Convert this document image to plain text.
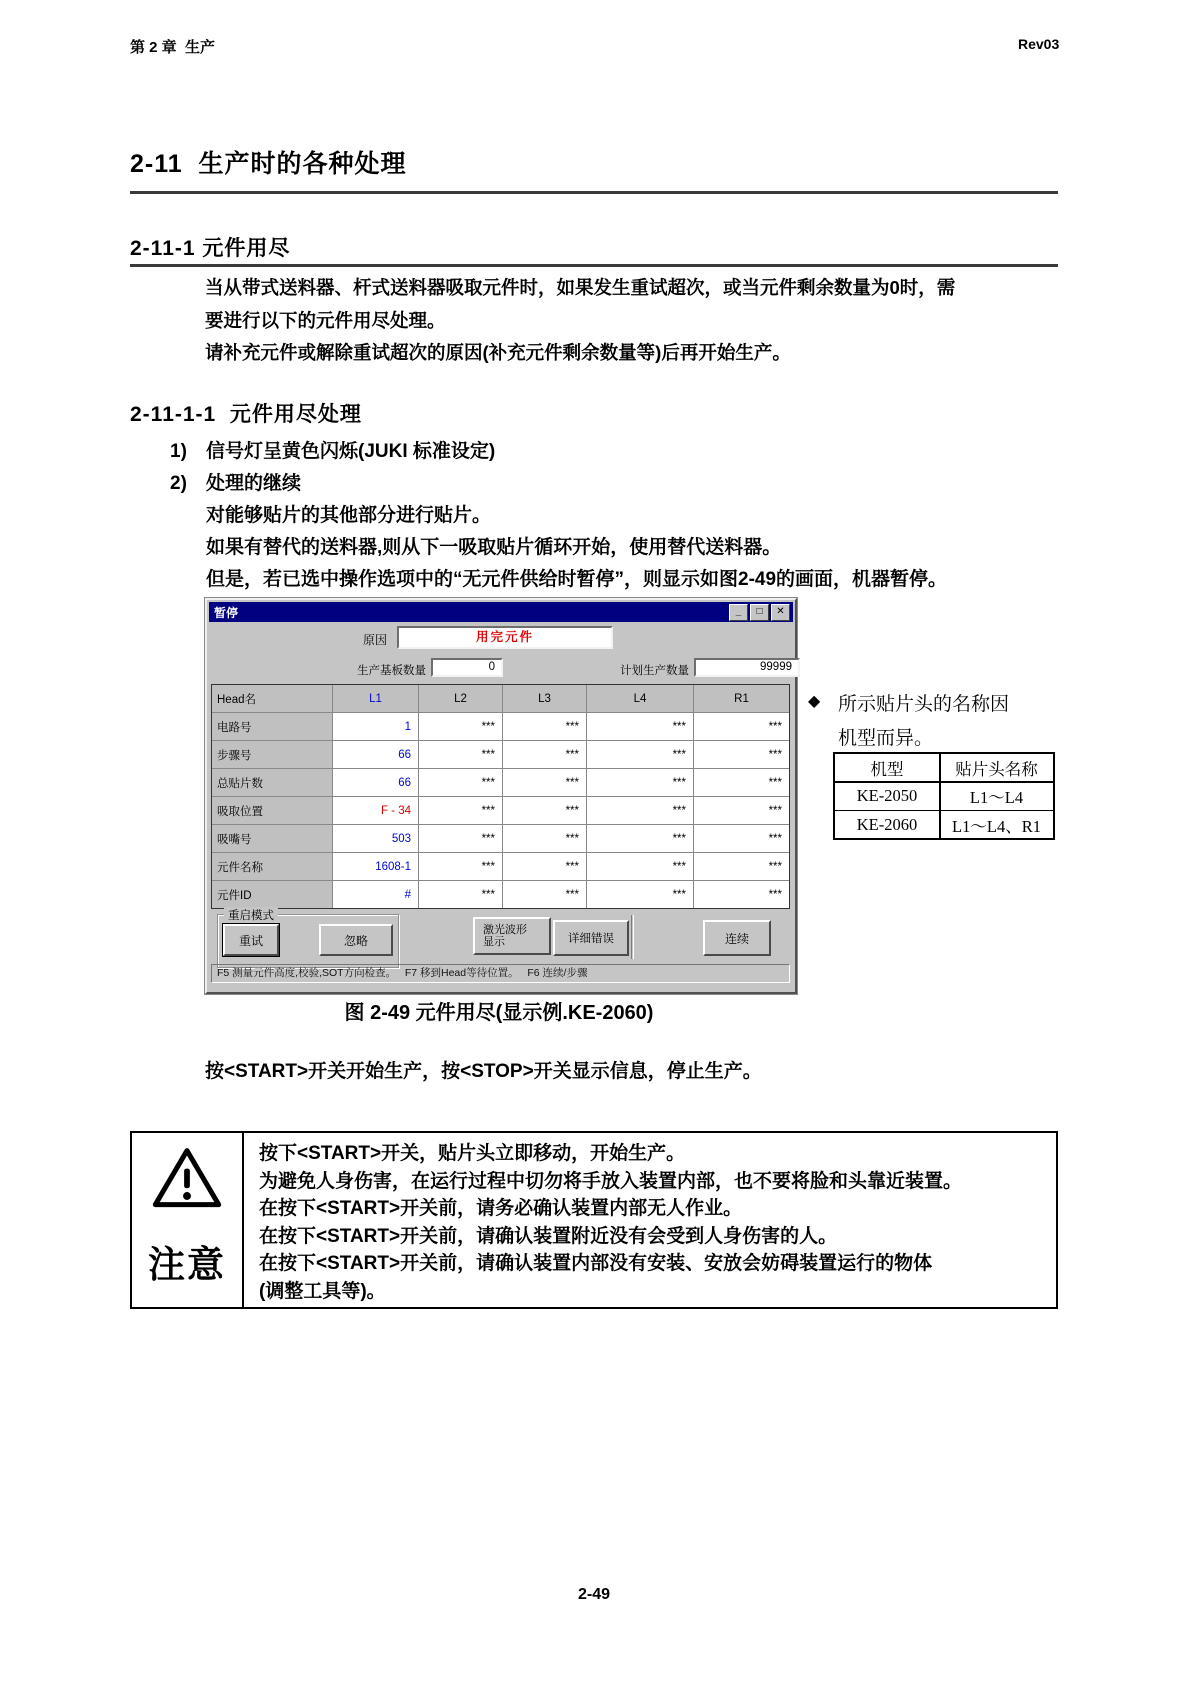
第 2 章  生产	Rev03
2-11  生产时的各种处理
2-11-1 元件用尽
当从带式送料器、杆式送料器吸取元件时，如果发生重试超次，或当元件剩余数量为0时，需
要进行以下的元件用尽处理。
请补充元件或解除重试超次的原因(补充元件剩余数量等)后再开始生产。
2-11-1-1  元件用尽处理
1)	信号灯呈黄色闪烁(JUKI 标准设定)
2)	处理的继续
对能够贴片的其他部分进行贴片。
如果有替代的送料器,则从下一吸取贴片循环开始，使用替代送料器。
但是，若已选中操作选项中的“无元件供给时暂停”，则显示如图2-49的画面，机器暂停。
暂停	_	□	✕
原因	用完元件
生产基板数量	0	计划生产数量	99999
Head名	L1	L2	L3	L4	R1
电路号	1	***	***	***	***
步骤号	66	***	***	***	***
总贴片数	66	***	***	***	***
吸取位置	F - 34	***	***	***	***
吸嘴号	503	***	***	***	***
元件名称	1608-1	***	***	***	***
元件ID	#	***	***	***	***
重启模式
重试	忽略
激光波形
显示	详细错误	连续
F5 测量元件高度,校验,SOT方向检查。   F7 移到Head等待位置。   F6 连续/步骤
图 2-49 元件用尽(显示例.KE-2060)
◆ 所示贴片头的名称因
机型而异。
机型	贴片头名称
KE-2050	L1～L4
KE-2060	L1～L4、R1
按<START>开关开始生产，按<STOP>开关显示信息，停止生产。
注意
按下<START>开关，贴片头立即移动，开始生产。
为避免人身伤害，在运行过程中切勿将手放入装置内部，也不要将脸和头靠近装置。
在按下<START>开关前，请务必确认装置内部无人作业。
在按下<START>开关前，请确认装置附近没有会受到人身伤害的人。
在按下<START>开关前，请确认装置内部没有安装、安放会妨碍装置运行的物体
(调整工具等)。
2-49
